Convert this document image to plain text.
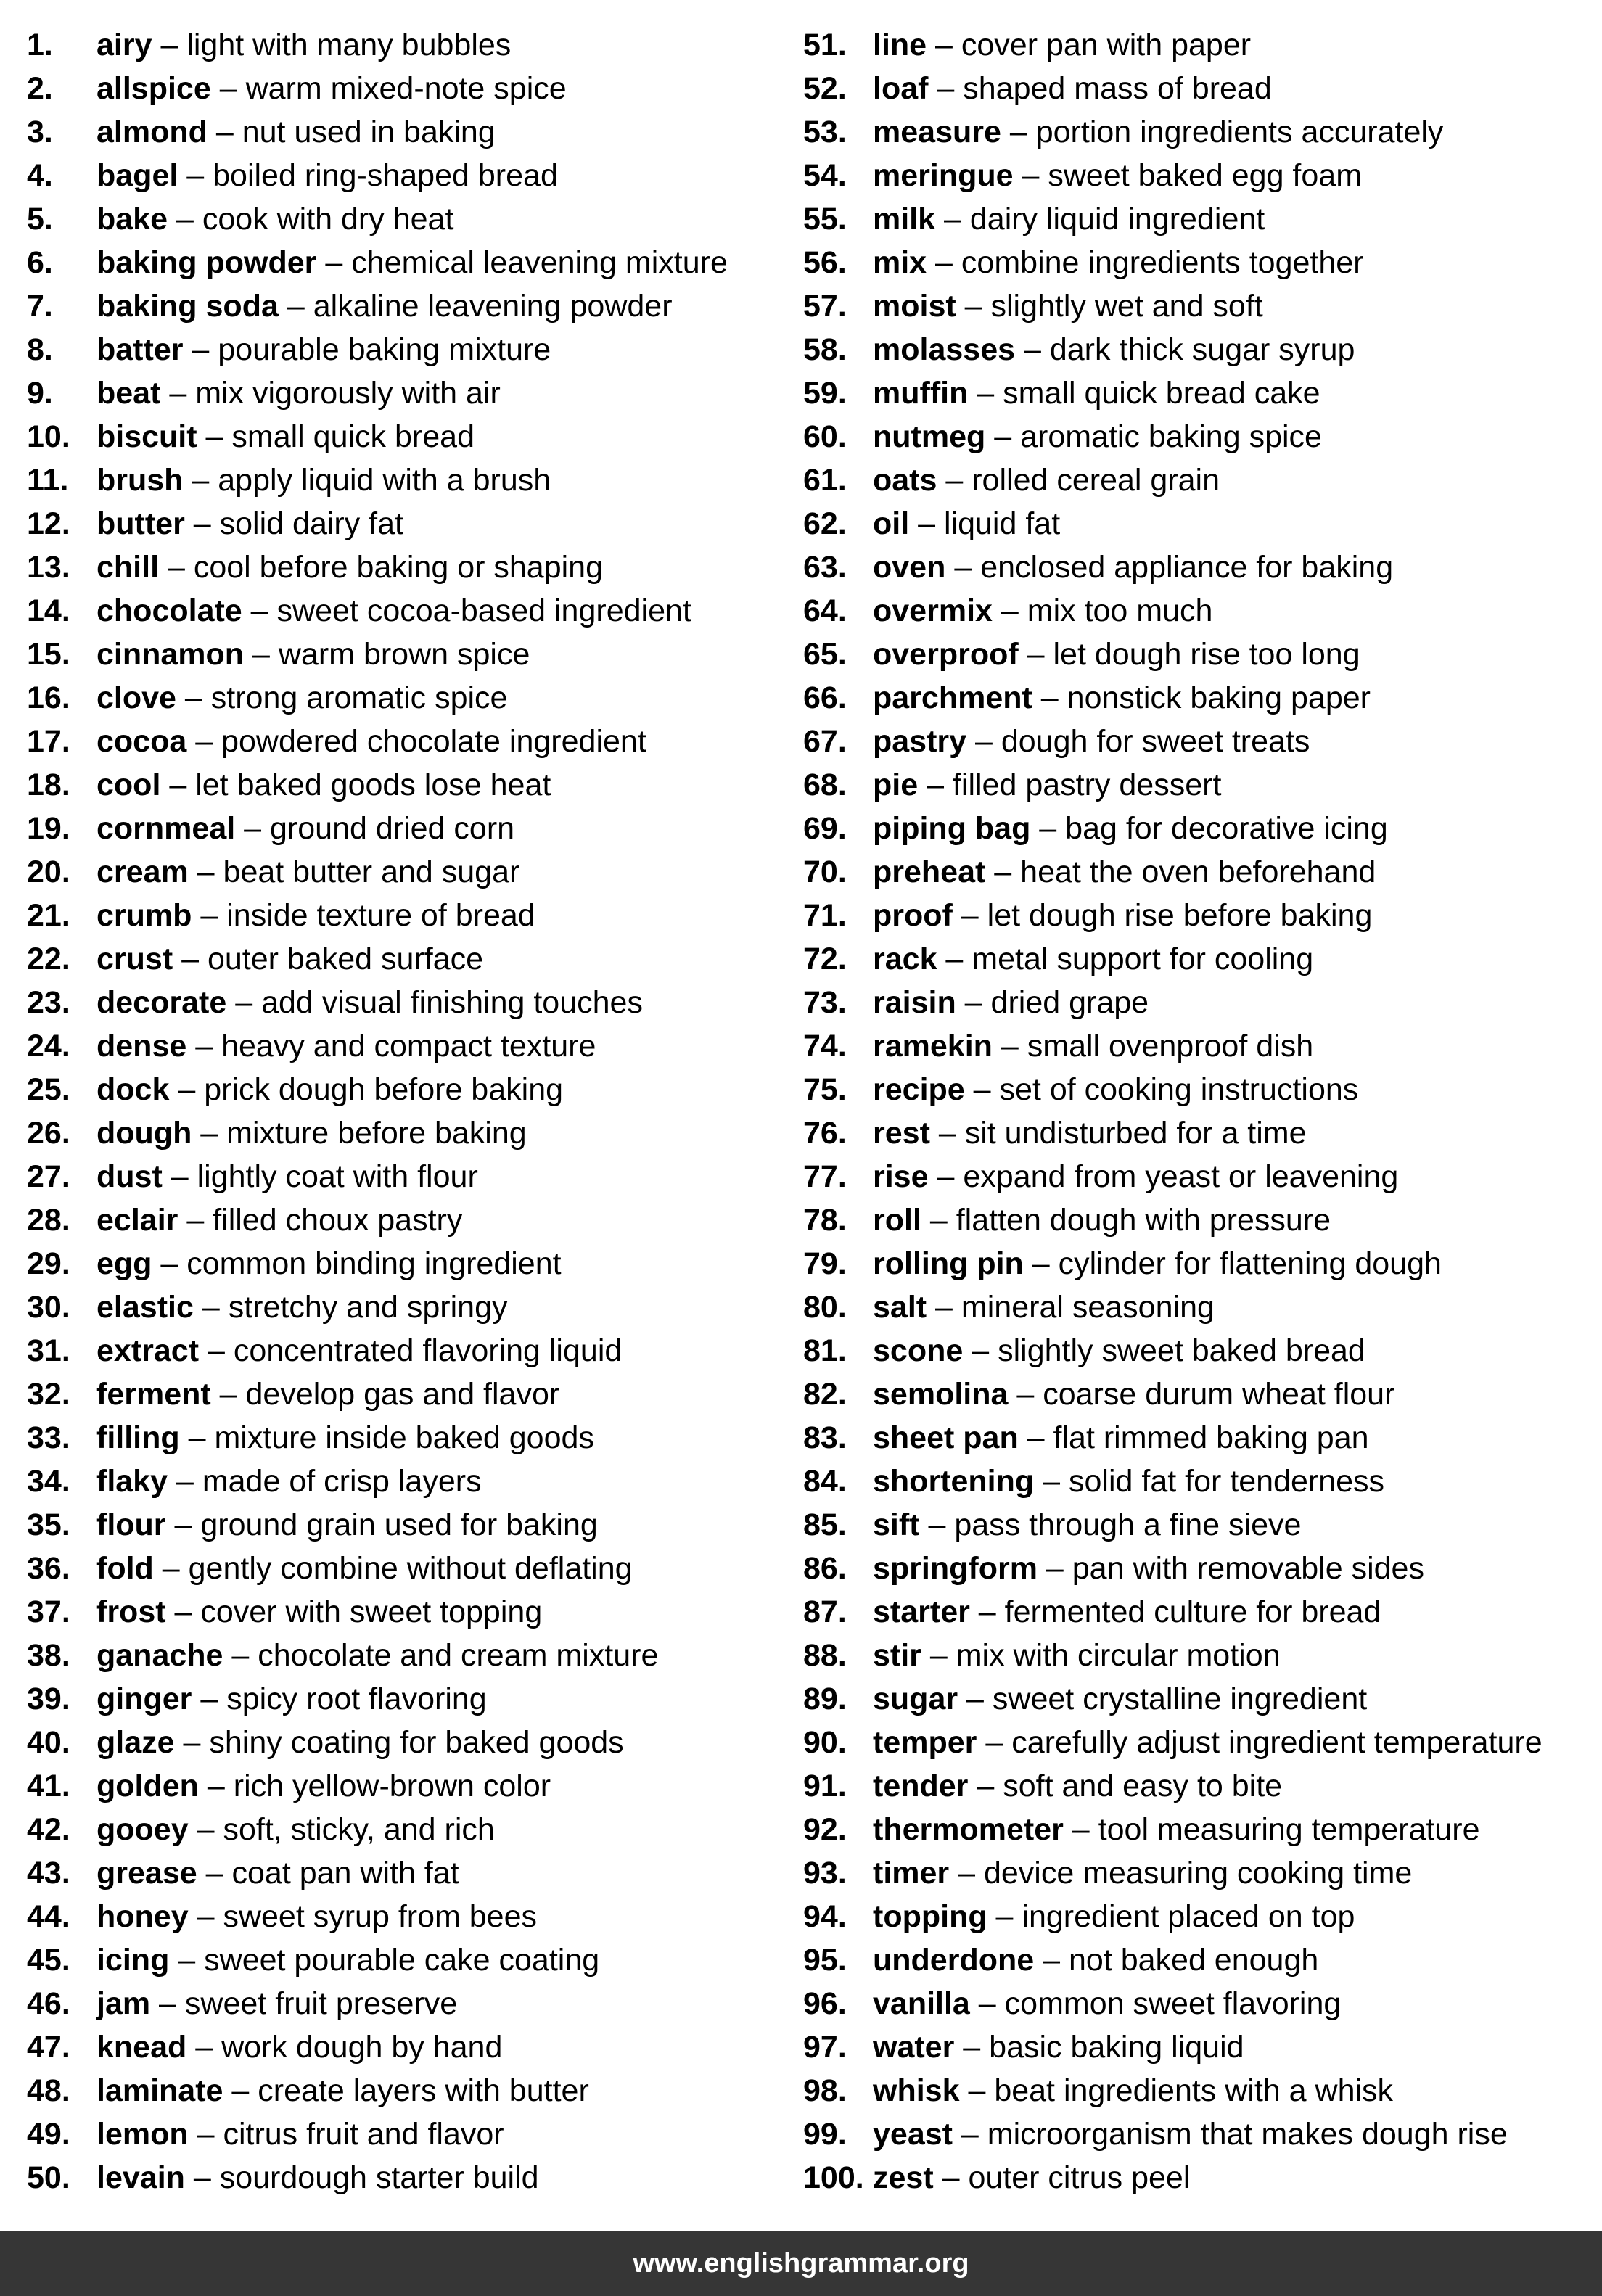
1. airy – light with many bubbles
2. allspice – warm mixed-note spice
3. almond – nut used in baking
4. bagel – boiled ring-shaped bread
5. bake – cook with dry heat
6. baking powder – chemical leavening mixture
7. baking soda – alkaline leavening powder
8. batter – pourable baking mixture
9. beat – mix vigorously with air
10. biscuit – small quick bread
11. brush – apply liquid with a brush
12. butter – solid dairy fat
13. chill – cool before baking or shaping
14. chocolate – sweet cocoa-based ingredient
15. cinnamon – warm brown spice
16. clove – strong aromatic spice
17. cocoa – powdered chocolate ingredient
18. cool – let baked goods lose heat
19. cornmeal – ground dried corn
20. cream – beat butter and sugar
21. crumb – inside texture of bread
22. crust – outer baked surface
23. decorate – add visual finishing touches
24. dense – heavy and compact texture
25. dock – prick dough before baking
26. dough – mixture before baking
27. dust – lightly coat with flour
28. eclair – filled choux pastry
29. egg – common binding ingredient
30. elastic – stretchy and springy
31. extract – concentrated flavoring liquid
32. ferment – develop gas and flavor
33. filling – mixture inside baked goods
34. flaky – made of crisp layers
35. flour – ground grain used for baking
36. fold – gently combine without deflating
37. frost – cover with sweet topping
38. ganache – chocolate and cream mixture
39. ginger – spicy root flavoring
40. glaze – shiny coating for baked goods
41. golden – rich yellow-brown color
42. gooey – soft, sticky, and rich
43. grease – coat pan with fat
44. honey – sweet syrup from bees
45. icing – sweet pourable cake coating
46. jam – sweet fruit preserve
47. knead – work dough by hand
48. laminate – create layers with butter
49. lemon – citrus fruit and flavor
50. levain – sourdough starter build
51. line – cover pan with paper
52. loaf – shaped mass of bread
53. measure – portion ingredients accurately
54. meringue – sweet baked egg foam
55. milk – dairy liquid ingredient
56. mix – combine ingredients together
57. moist – slightly wet and soft
58. molasses – dark thick sugar syrup
59. muffin – small quick bread cake
60. nutmeg – aromatic baking spice
61. oats – rolled cereal grain
62. oil – liquid fat
63. oven – enclosed appliance for baking
64. overmix – mix too much
65. overproof – let dough rise too long
66. parchment – nonstick baking paper
67. pastry – dough for sweet treats
68. pie – filled pastry dessert
69. piping bag – bag for decorative icing
70. preheat – heat the oven beforehand
71. proof – let dough rise before baking
72. rack – metal support for cooling
73. raisin – dried grape
74. ramekin – small ovenproof dish
75. recipe – set of cooking instructions
76. rest – sit undisturbed for a time
77. rise – expand from yeast or leavening
78. roll – flatten dough with pressure
79. rolling pin – cylinder for flattening dough
80. salt – mineral seasoning
81. scone – slightly sweet baked bread
82. semolina – coarse durum wheat flour
83. sheet pan – flat rimmed baking pan
84. shortening – solid fat for tenderness
85. sift – pass through a fine sieve
86. springform – pan with removable sides
87. starter – fermented culture for bread
88. stir – mix with circular motion
89. sugar – sweet crystalline ingredient
90. temper – carefully adjust ingredient temperature
91. tender – soft and easy to bite
92. thermometer – tool measuring temperature
93. timer – device measuring cooking time
94. topping – ingredient placed on top
95. underdone – not baked enough
96. vanilla – common sweet flavoring
97. water – basic baking liquid
98. whisk – beat ingredients with a whisk
99. yeast – microorganism that makes dough rise
100. zest – outer citrus peel
www.englishgrammar.org
